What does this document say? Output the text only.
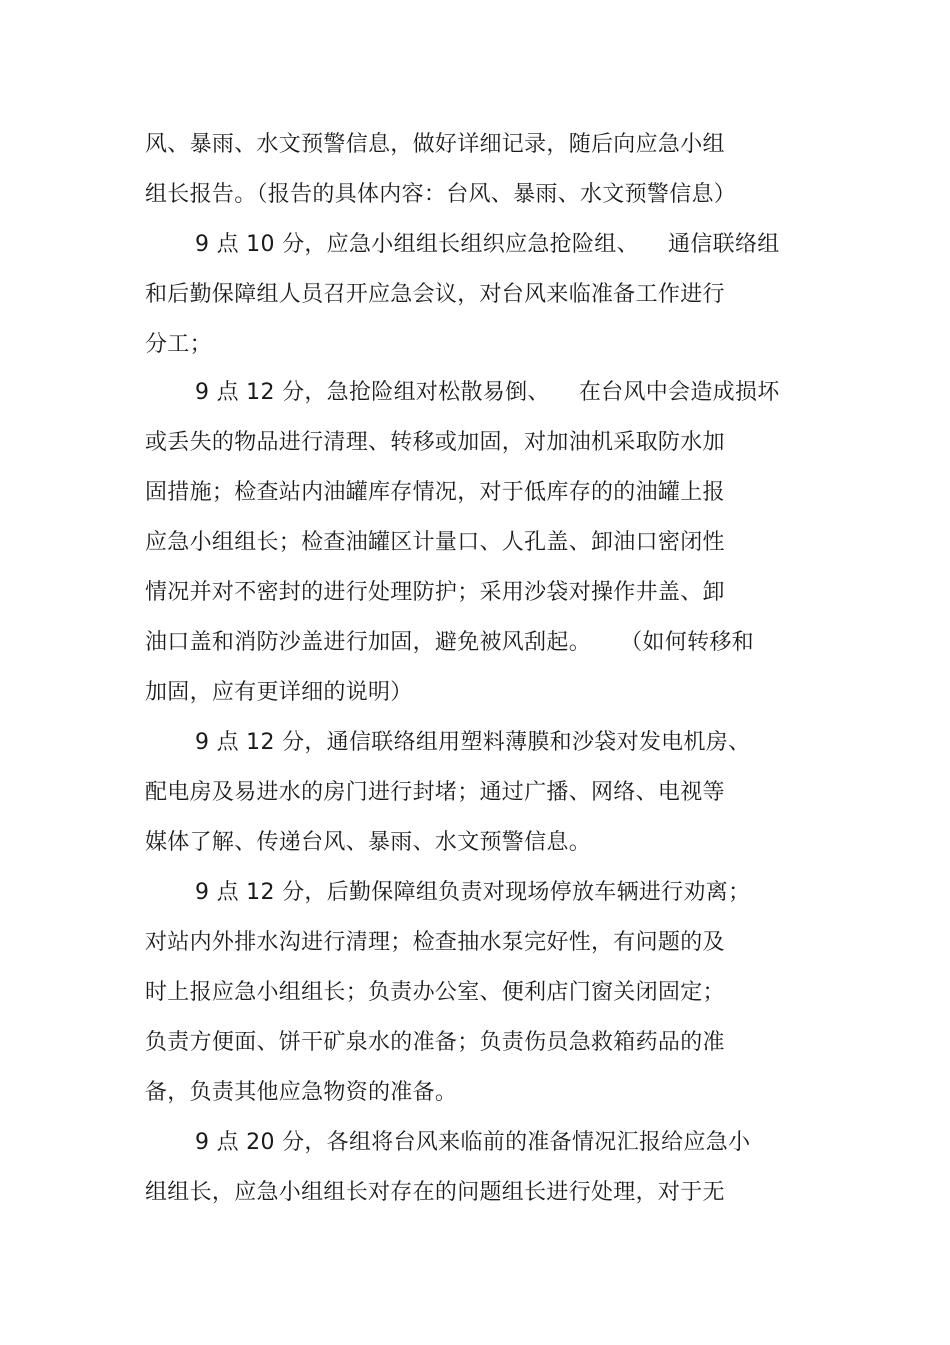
风、暴雨、水文预警信息，做好详细记录，随后向应急小组
组长报告。（报告的具体内容：台风、暴雨、水文预警信息）
9 点 10 分，应急小组组长组织应急抢险组、    通信联络组
和后勤保障组人员召开应急会议，对台风来临准备工作进行
分工；
9 点 12 分，急抢险组对松散易倒、    在台风中会造成损坏
或丢失的物品进行清理、转移或加固，对加油机采取防水加
固措施；检查站内油罐库存情况，对于低库存的的油罐上报
应急小组组长；检查油罐区计量口、人孔盖、卸油口密闭性
情况并对不密封的进行处理防护；采用沙袋对操作井盖、卸
油口盖和消防沙盖进行加固，避免被风刮起。    （如何转移和
加固，应有更详细的说明）
9 点 12 分，通信联络组用塑料薄膜和沙袋对发电机房、
配电房及易进水的房门进行封堵；通过广播、网络、电视等
媒体了解、传递台风、暴雨、水文预警信息。
9 点 12 分，后勤保障组负责对现场停放车辆进行劝离；
对站内外排水沟进行清理；检查抽水泵完好性，有问题的及
时上报应急小组组长；负责办公室、便利店门窗关闭固定；
负责方便面、饼干矿泉水的准备；负责伤员急救箱药品的准
备，负责其他应急物资的准备。
9 点 20 分，各组将台风来临前的准备情况汇报给应急小
组组长，应急小组组长对存在的问题组长进行处理，对于无
